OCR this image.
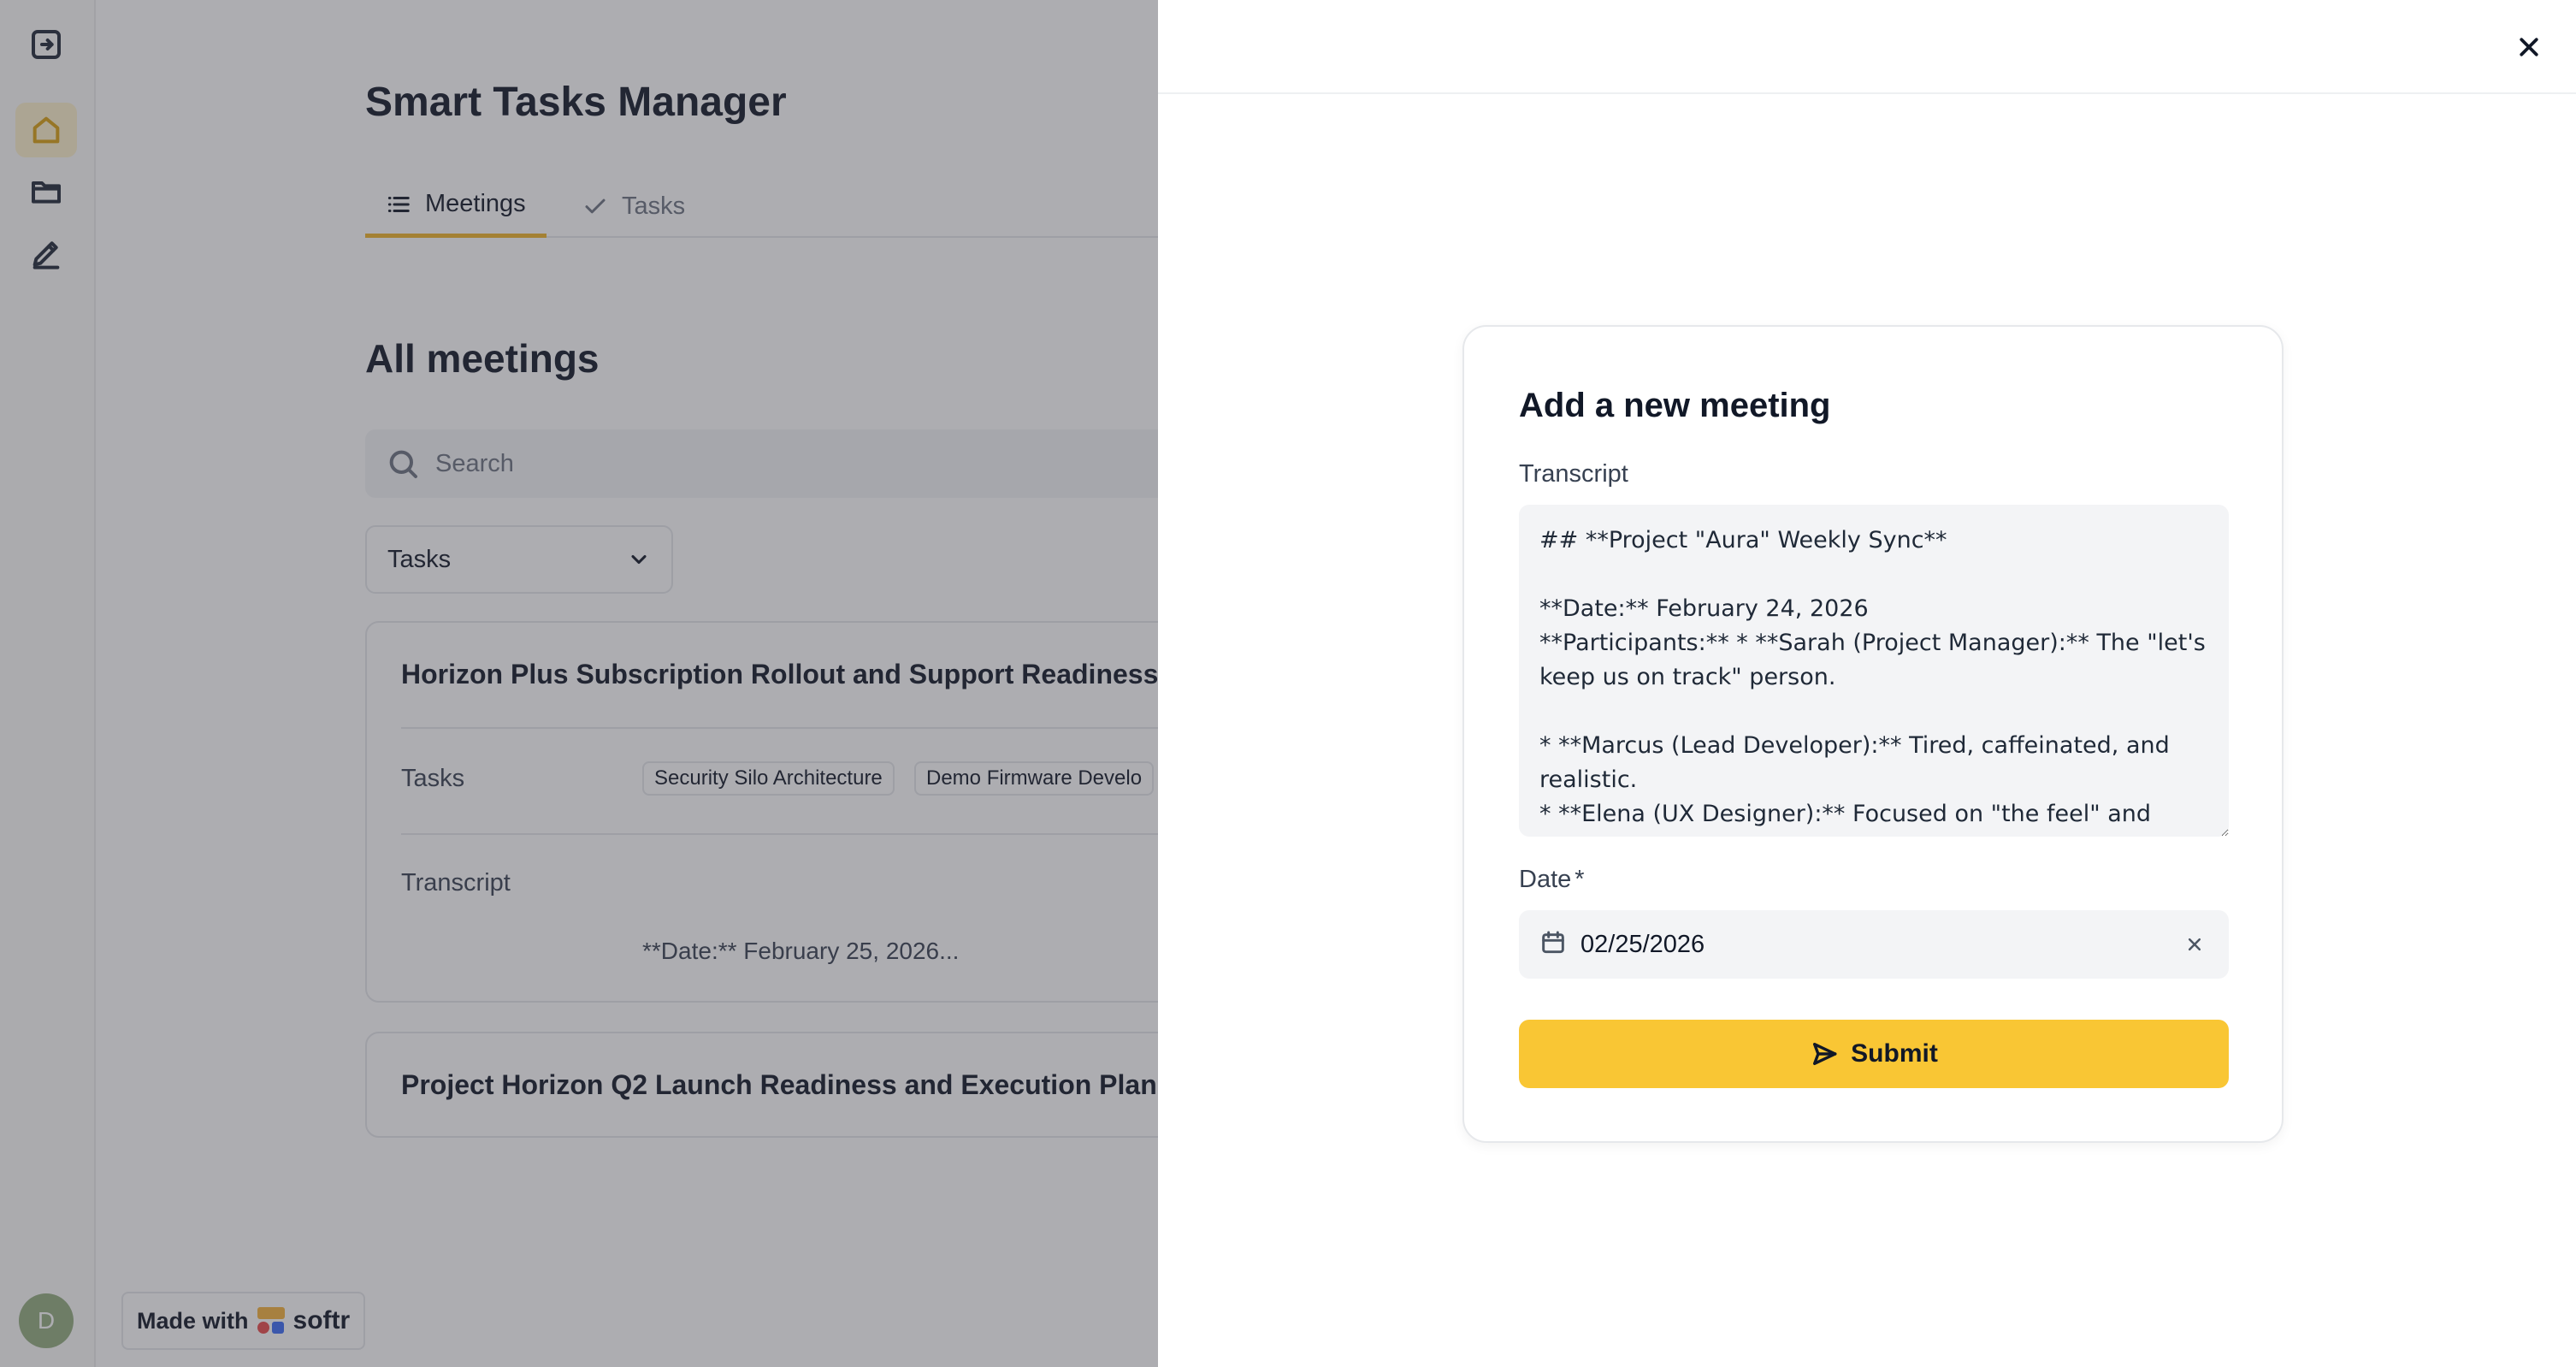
D
Smart Tasks Manager
Meetings	Tasks
All meetings
Search
Tasks
Horizon Plus Subscription Rollout and Support Readiness
Tasks	Security Silo Architecture	Demo Firmware Develo
Transcript
**Date:** February 25, 2026...
Project Horizon Q2 Launch Readiness and Execution Plan
Made with softr
Add a new meeting
Transcript
## **Project "Aura" Weekly Sync** **Date:** February 24, 2026 **Participants:** * **Sarah (Project Manager):** The "let's keep us on track" person. * **Marcus (Lead Developer):** Tired, caffeinated, and realistic. * **Elena (UX Designer):** Focused on "the feel" and user
Date *
02/25/2026
Submit
